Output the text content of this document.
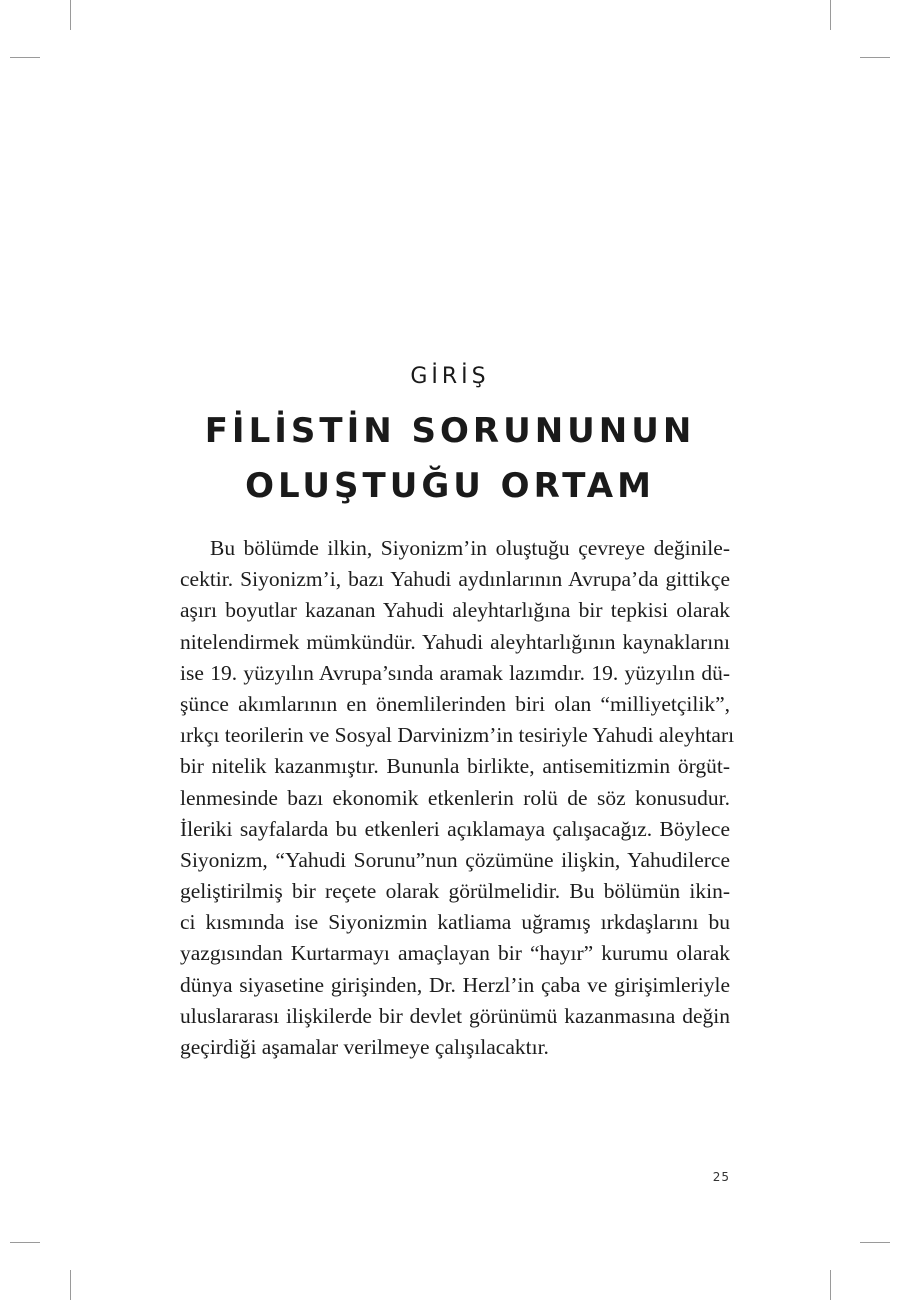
GİRİŞ
FİLİSTİN SORUNUNUN
OLUŞTUĞU ORTAM
Bu bölümde ilkin, Siyonizm’in oluştuğu çevreye değinile-
cektir. Siyonizm’i, bazı Yahudi aydınlarının Avrupa’da gittikçe
aşırı boyutlar kazanan Yahudi aleyhtarlığına bir tepkisi olarak
nitelendirmek mümkündür. Yahudi aleyhtarlığının kaynaklarını
ise 19. yüzyılın Avrupa’sında aramak lazımdır. 19. yüzyılın dü-
şünce akımlarının en önemlilerinden biri olan “milliyetçilik”,
ırkçı teorilerin ve Sosyal Darvinizm’in tesiriyle Yahudi aleyhtarı
bir nitelik kazanmıştır. Bununla birlikte, antisemitizmin örgüt-
lenmesinde bazı ekonomik etkenlerin rolü de söz konusudur.
İleriki sayfalarda bu etkenleri açıklamaya çalışacağız. Böylece
Siyonizm, “Yahudi Sorunu”nun çözümüne ilişkin, Yahudilerce
geliştirilmiş bir reçete olarak görülmelidir. Bu bölümün ikin-
ci kısmında ise Siyonizmin katliama uğramış ırkdaşlarını bu
yazgısından Kurtarmayı amaçlayan bir “hayır” kurumu olarak
dünya siyasetine girişinden, Dr. Herzl’in çaba ve girişimleriyle
uluslararası ilişkilerde bir devlet görünümü kazanmasına değin
geçirdiği aşamalar verilmeye çalışılacaktır.
25
